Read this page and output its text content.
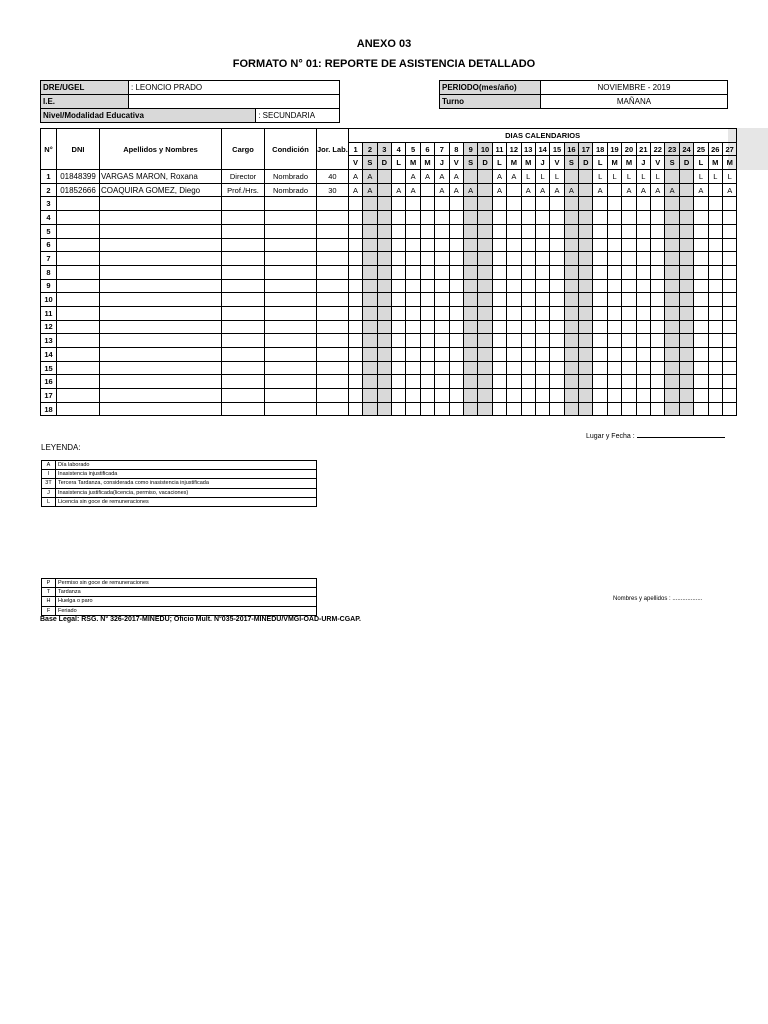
ANEXO 03
FORMATO N° 01: REPORTE DE ASISTENCIA DETALLADO
DRE/UGEL	: LEONCIO PRADO	
I.E.		
Nivel/Modalidad Educativa		: SECUNDARIA
PERIODO(mes/año)	NOVIEMBRE - 2019
Turno	MAÑANA
N°	DNI	Apellidos y Nombres	Cargo	Condición	Jor. Lab.	DIAS CALENDARIOS																										
						1	2	3	4	5	6	7	8	9	10	11	12	13	14	15	16	17	18	19	20	21	22	23	24	25	26	27
						V	S	D	L	M	M	J	V	S	D	L	M	M	J	V	S	D	L	M	M	J	V	S	D	L	M	M
1	01848399	VARGAS MARON, Roxana	Director	Nombrado	40	A	A			A	A	A	A			A	A	L	L	L			L	L	L	L	L			L	L	L
2	01852666	COAQUIRA GOMEZ, Diego	Prof./Hrs.	Nombrado	30	A	A		A	A		A	A	A		A		A	A	A	A		A		A	A	A	A		A		A
3																																
4																																
5																																
6																																
7																																
8																																
9																																
10																																
11																																
12																																
13																																
14																																
15																																
16																																
17																																
18																																
Lugar y Fecha :
LEYENDA:
A	Día laborado
I	Inasistencia injustificada
3T	Tercera Tardanza, considerada como inasistencia injustificada
J	Inasistencia justificada(licencia, permiso, vacaciones)
L	Licencia sin goce de remuneraciones
P	Permiso sin goce de remuneraciones
T	Tardanza
H	Huelga o paro
F	Feriado
Nombres y apellidos : ..................
Base Legal: RSG. N° 326-2017-MINEDU; Oficio Mult. N°035-2017-MINEDU/VMGI-OAD-URM-CGAP.
